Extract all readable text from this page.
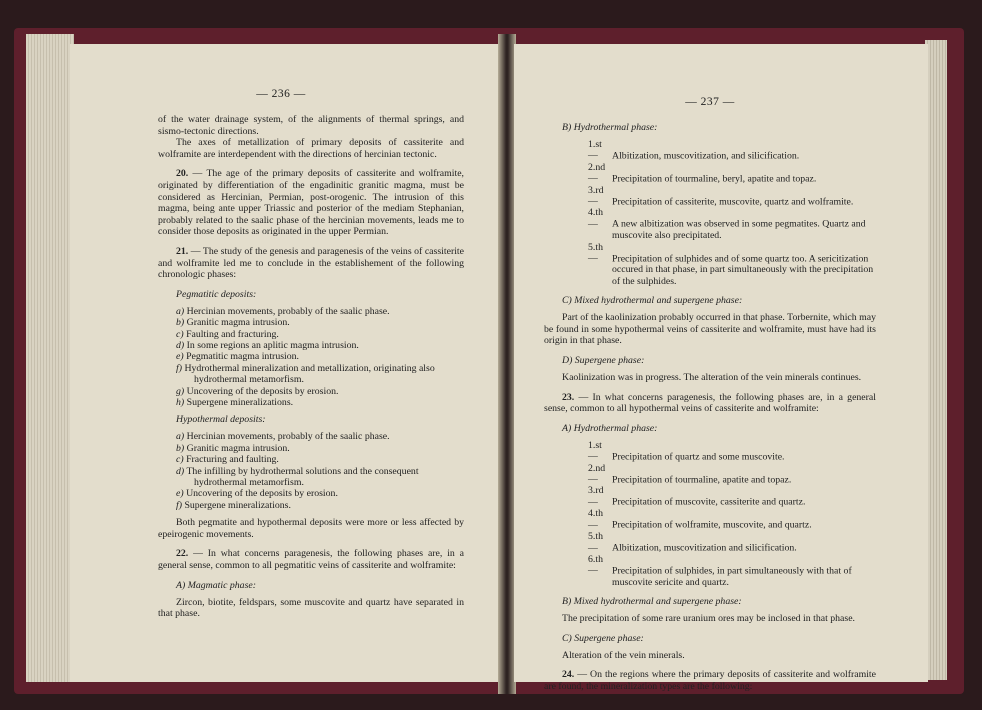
— 236 —

of the water drainage system, of the alignments of thermal springs, and sismo-tectonic directions.

The axes of metallization of primary deposits of cassiterite and wolframite are interdependent with the directions of hercinian tectonic.

20. — The age of the primary deposits of cassiterite and wolframite, originated by differentiation of the engadinitic granitic magma, must be considered as Hercinian, Permian, post-orogenic. The intrusion of this magma, being ante upper Triassic and posterior of the mediam Stephanian, probably related to the saalic phase of the hercinian movements, leads me to consider those deposits as originated in the upper Permian.

21. — The study of the genesis and paragenesis of the veins of cassiterite and wolframite led me to conclude in the establishement of the following chronologic phases:

Pegmatitic deposits:
a) Hercinian movements, probably of the saalic phase.
b) Granitic magma intrusion.
c) Faulting and fracturing.
d) In some regions an aplitic magma intrusion.
e) Pegmatitic magma intrusion.
f) Hydrothermal mineralization and metallization, originating also hydrothermal metamorfism.
g) Uncovering of the deposits by erosion.
h) Supergene mineralizations.
Hypothermal deposits:
a) Hercinian movements, probably of the saalic phase.
b) Granitic magma intrusion.
c) Fracturing and faulting.
d) The infilling by hydrothermal solutions and the consequent hydrothermal metamorfism.
e) Uncovering of the deposits by erosion.
f) Supergene mineralizations.

Both pegmatite and hypothermal deposits were more or less affected by epeirogenic movements.

22. — In what concerns paragenesis, the following phases are, in a general sense, common to all pegmatitic veins of cassiterite and wolframite:

A) Magmatic phase:

Zircon, biotite, feldspars, some muscovite and quartz have separated in that phase.

— 237 —
B) Hydrothermal phase:
1.st — Albitization, muscovitization, and silicification.
2.nd — Precipitation of tourmaline, beryl, apatite and topaz.
3.rd — Precipitation of cassiterite, muscovite, quartz and wolframite.
4.th — A new albitization was observed in some pegmatites. Quartz and muscovite also precipitated.
5.th — Precipitation of sulphides and of some quartz too. A sericitization occured in that phase, in part simultaneously with the precipitation of the sulphides.
C) Mixed hydrothermal and supergene phase:

Part of the kaolinization probably occurred in that phase. Torbernite, which may be found in some hypothermal veins of cassiterite and wolframite, must have had its origin in that phase.

D) Supergene phase:

Kaolinization was in progress. The alteration of the vein minerals continues.

23. — In what concerns paragenesis, the following phases are, in a general sense, common to all hypothermal veins of cassiterite and wolframite:

A) Hydrothermal phase:
1.st — Precipitation of quartz and some muscovite.
2.nd — Precipitation of tourmaline, apatite and topaz.
3.rd — Precipitation of muscovite, cassiterite and quartz.
4.th — Precipitation of wolframite, muscovite, and quartz.
5.th — Albitization, muscovitization and silicification.
6.th — Precipitation of sulphides, in part simultaneously with that of muscovite sericite and quartz.
B) Mixed hydrothermal and supergene phase:

The precipitation of some rare uranium ores may be inclosed in that phase.

C) Supergene phase:

Alteration of the vein minerals.

24. — On the regions where the primary deposits of cassiterite and wolframite are found, the mineralization types are the following:
